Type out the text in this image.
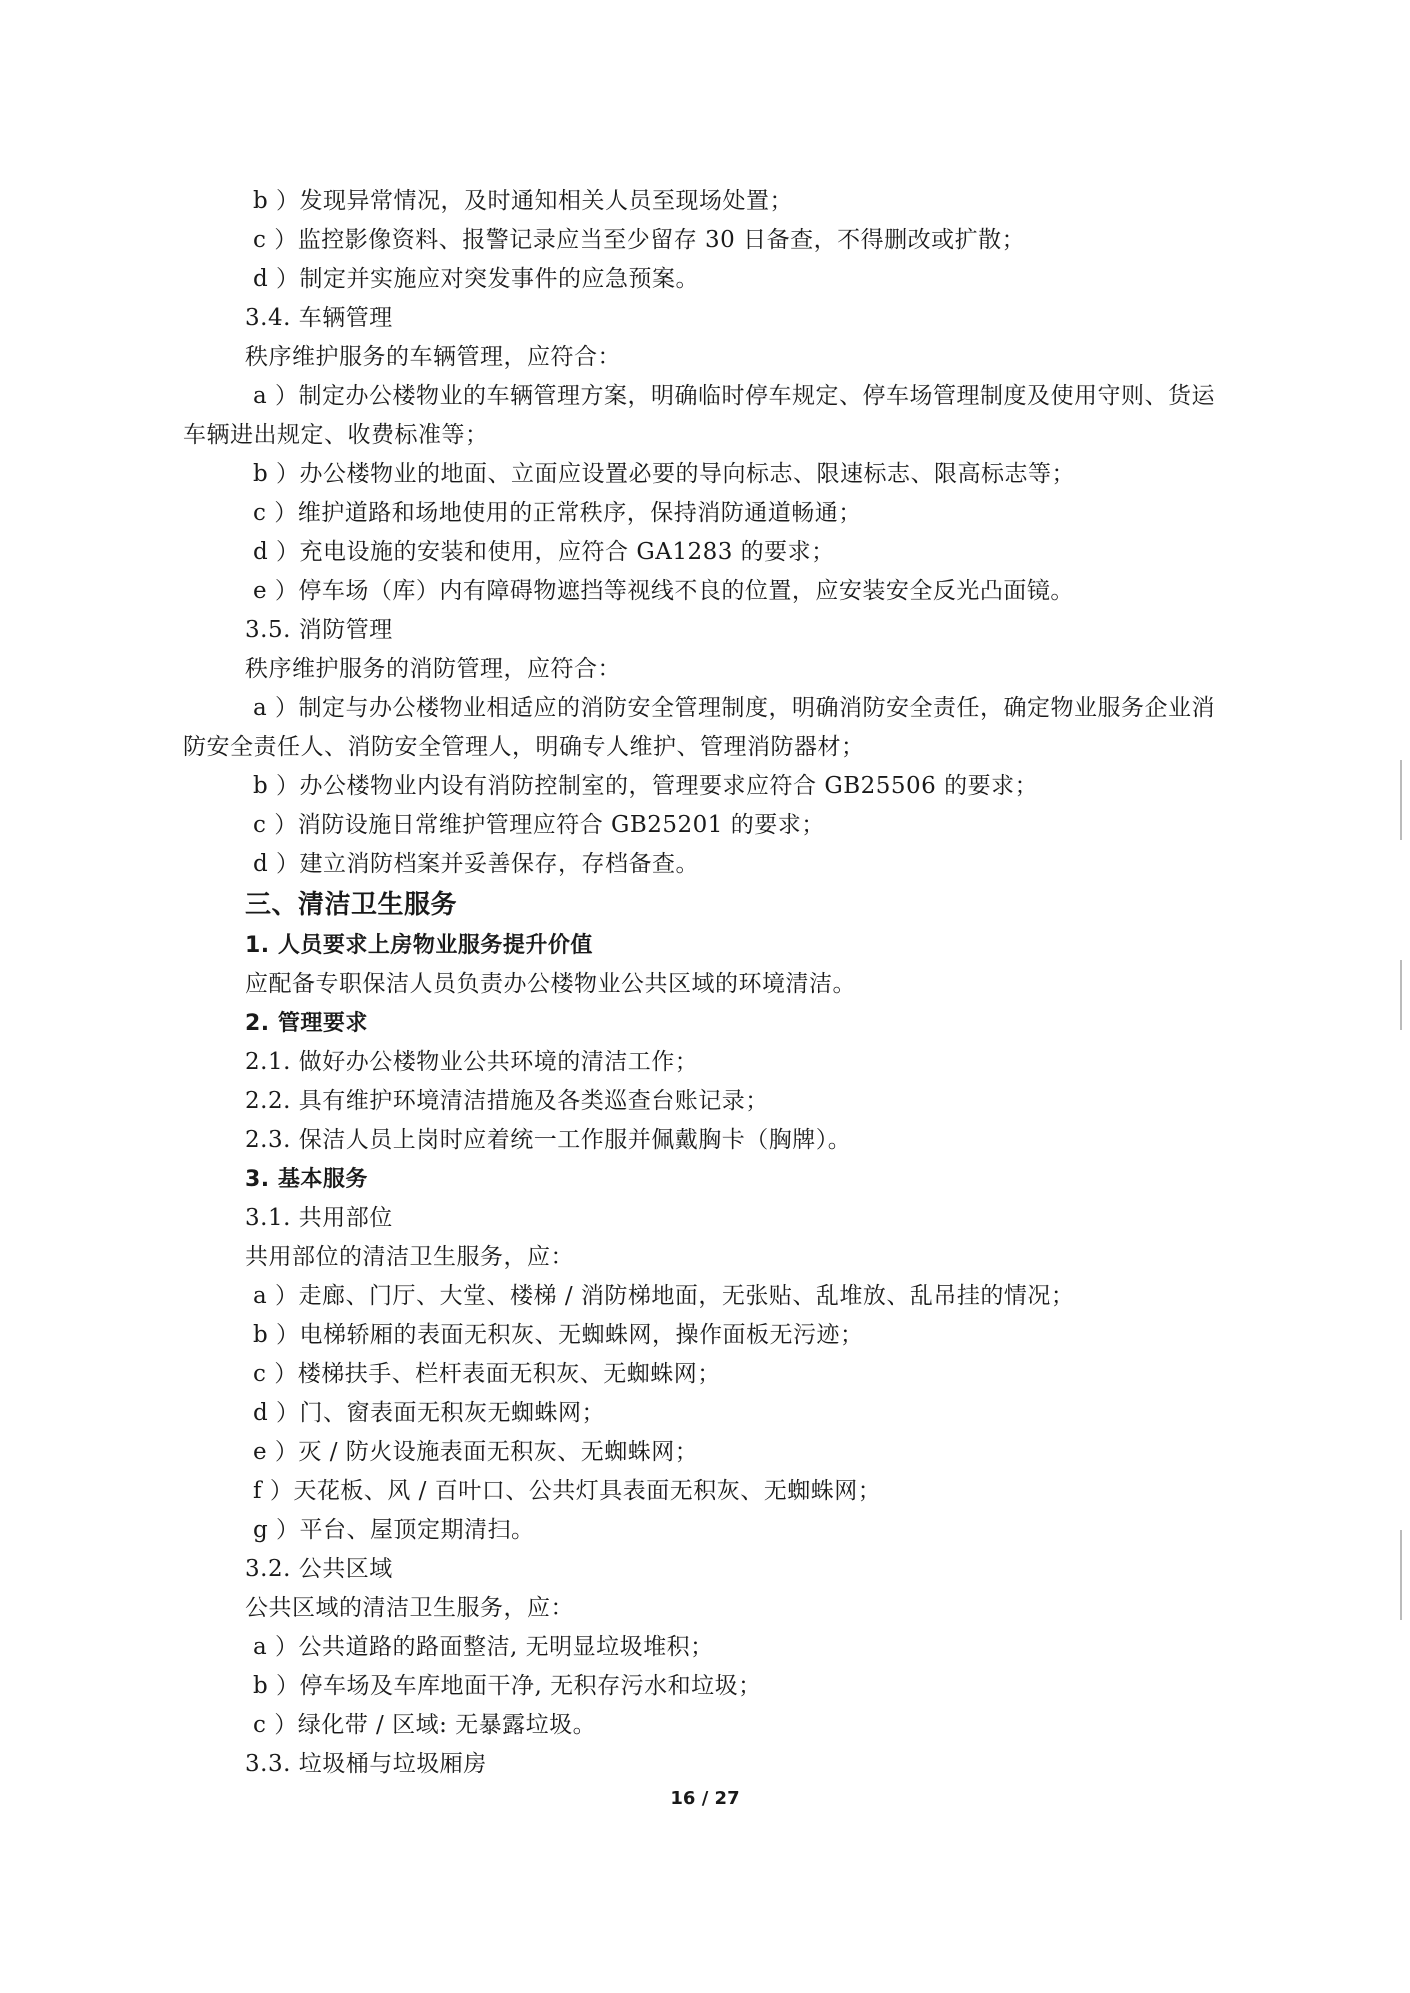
b ）发现异常情况，及时通知相关人员至现场处置；
c ）监控影像资料、报警记录应当至少留存 30 日备查，不得删改或扩散；
d ）制定并实施应对突发事件的应急预案。
3.4. 车辆管理
秩序维护服务的车辆管理，应符合：
a ）制定办公楼物业的车辆管理方案，明确临时停车规定、停车场管理制度及使用守则、货运
车辆进出规定、收费标准等；
b ）办公楼物业的地面、立面应设置必要的导向标志、限速标志、限高标志等；
c ）维护道路和场地使用的正常秩序，保持消防通道畅通；
d ）充电设施的安装和使用，应符合 GA1283 的要求；
e ）停车场（库）内有障碍物遮挡等视线不良的位置，应安装安全反光凸面镜。
3.5. 消防管理
秩序维护服务的消防管理，应符合：
a ）制定与办公楼物业相适应的消防安全管理制度，明确消防安全责任，确定物业服务企业消
防安全责任人、消防安全管理人，明确专人维护、管理消防器材；
b ）办公楼物业内设有消防控制室的，管理要求应符合 GB25506 的要求；
c ）消防设施日常维护管理应符合 GB25201 的要求；
d ）建立消防档案并妥善保存，存档备查。
三、清洁卫生服务
1. 人员要求上房物业服务提升价值
应配备专职保洁人员负责办公楼物业公共区域的环境清洁。
2. 管理要求
2.1. 做好办公楼物业公共环境的清洁工作；
2.2. 具有维护环境清洁措施及各类巡查台账记录；
2.3. 保洁人员上岗时应着统一工作服并佩戴胸卡（胸牌）。
3. 基本服务
3.1. 共用部位
共用部位的清洁卫生服务，应：
a ）走廊、门厅、大堂、楼梯 / 消防梯地面，无张贴、乱堆放、乱吊挂的情况；
b ）电梯轿厢的表面无积灰、无蜘蛛网，操作面板无污迹；
c ）楼梯扶手、栏杆表面无积灰、无蜘蛛网；
d ）门、窗表面无积灰无蜘蛛网；
e ）灭 / 防火设施表面无积灰、无蜘蛛网；
f ）天花板、风 / 百叶口、公共灯具表面无积灰、无蜘蛛网；
g ）平台、屋顶定期清扫。
3.2. 公共区域
公共区域的清洁卫生服务，应：
a ）公共道路的路面整洁, 无明显垃圾堆积；
b ）停车场及车库地面干净, 无积存污水和垃圾；
c ）绿化带 / 区域: 无暴露垃圾。
3.3. 垃圾桶与垃圾厢房
16 / 27
